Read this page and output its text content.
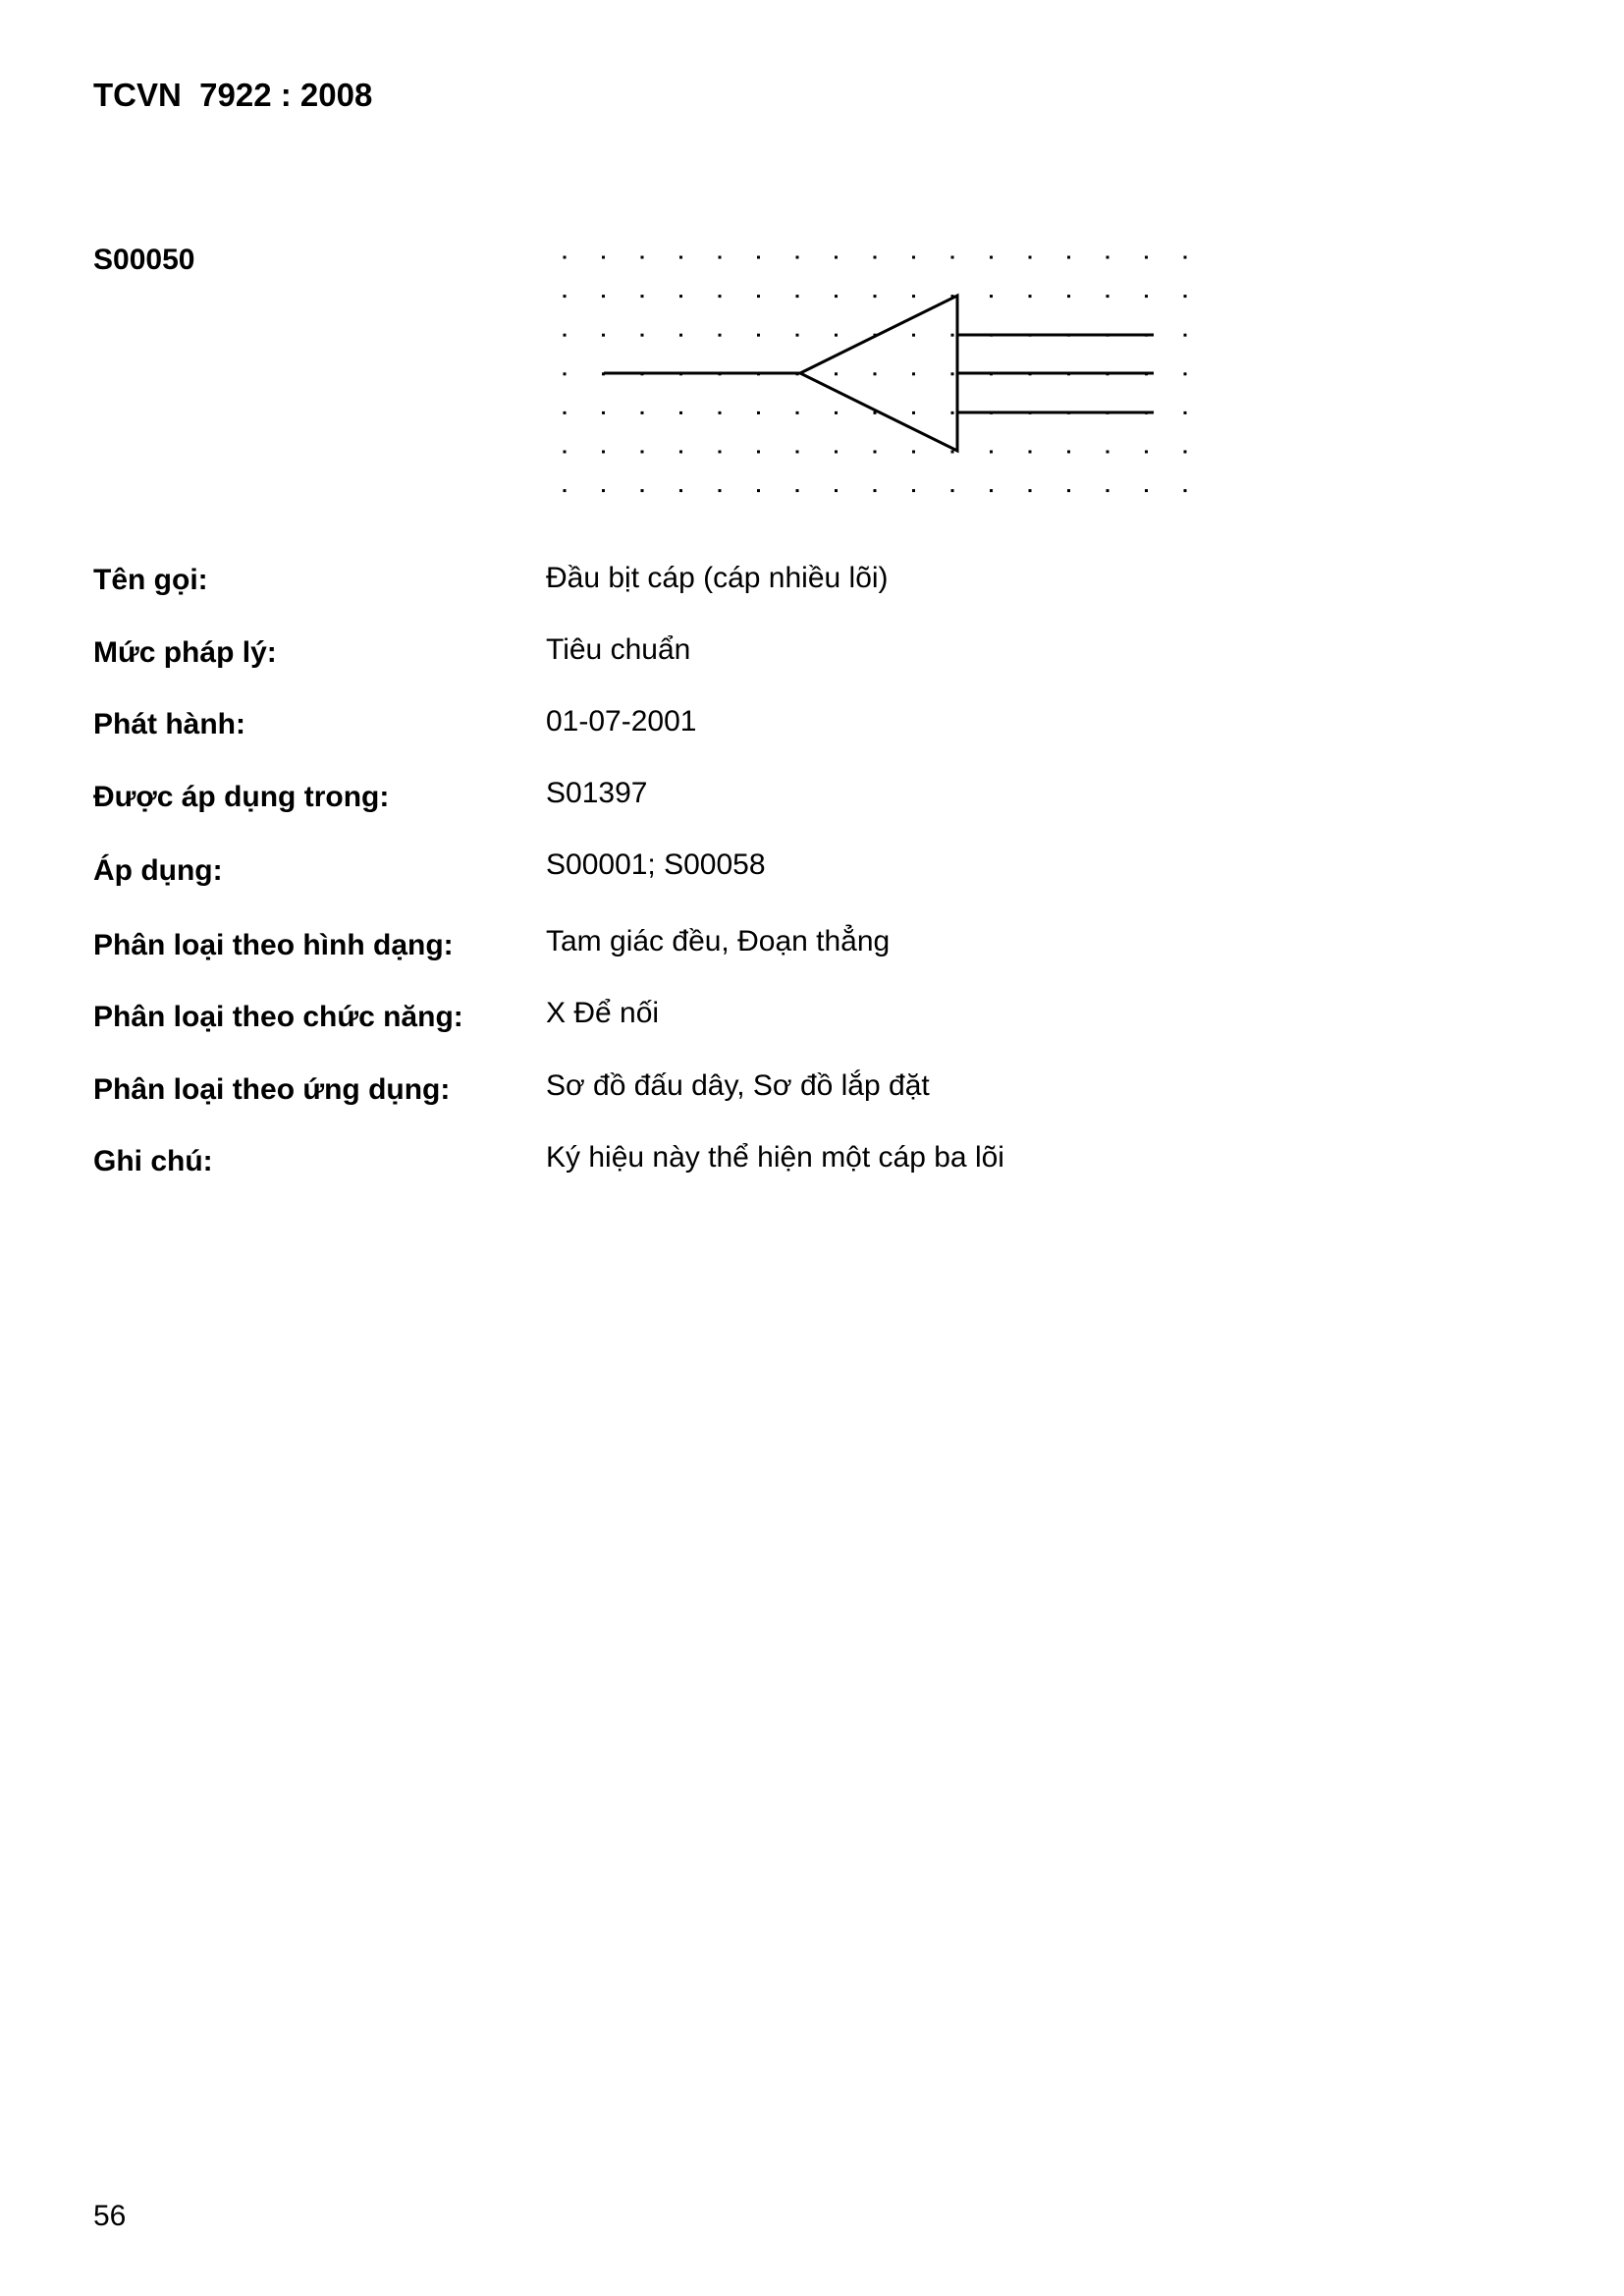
TCVN  7922 : 2008
S00050
Tên gọi:	Đầu bịt cáp (cáp nhiều lõi)
Mức pháp lý:	Tiêu chuẩn
Phát hành:	01-07-2001
Được áp dụng trong:	S01397
Áp dụng:	S00001; S00058
Phân loại theo hình dạng:	Tam giác đều, Đoạn thẳng
Phân loại theo chức năng:	X Để nối
Phân loại theo ứng dụng:	Sơ đồ đấu dây, Sơ đồ lắp đặt
Ghi chú:	Ký hiệu này thể hiện một cáp ba lõi
56
